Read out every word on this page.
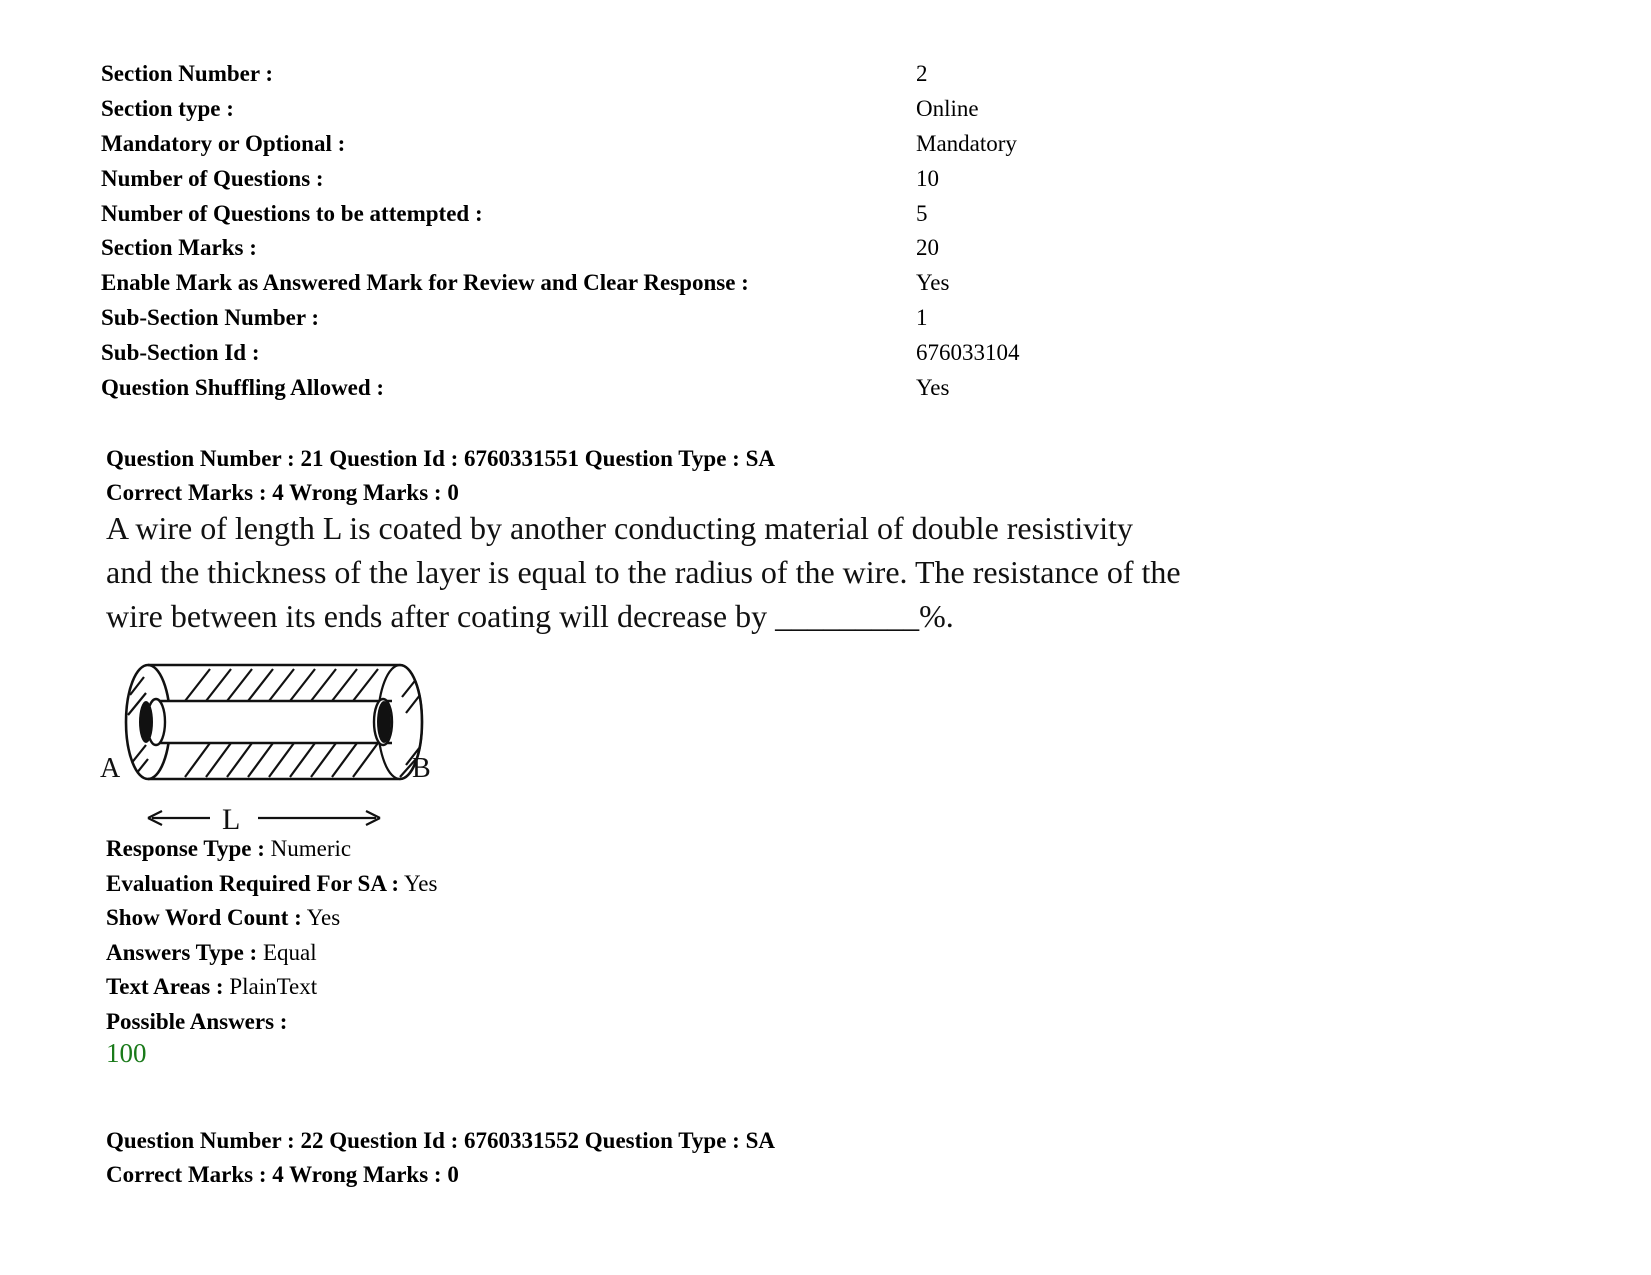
Section Number :	2
Section type :	Online
Mandatory or Optional :	Mandatory
Number of Questions :	10
Number of Questions to be attempted :	5
Section Marks :	20
Enable Mark as Answered Mark for Review and Clear Response :	Yes
Sub-Section Number :	1
Sub-Section Id :	676033104
Question Shuffling Allowed :	Yes
Question Number : 21 Question Id : 6760331551 Question Type : SA
Correct Marks : 4 Wrong Marks : 0
A wire of length L is coated by another conducting material of double resistivity and the thickness of the layer is equal to the radius of the wire. The resistance of the wire between its ends after coating will decrease by _________%.
A	B
L
Response Type : Numeric
Evaluation Required For SA : Yes
Show Word Count : Yes
Answers Type : Equal
Text Areas : PlainText
Possible Answers :
100
Question Number : 22 Question Id : 6760331552 Question Type : SA
Correct Marks : 4 Wrong Marks : 0
